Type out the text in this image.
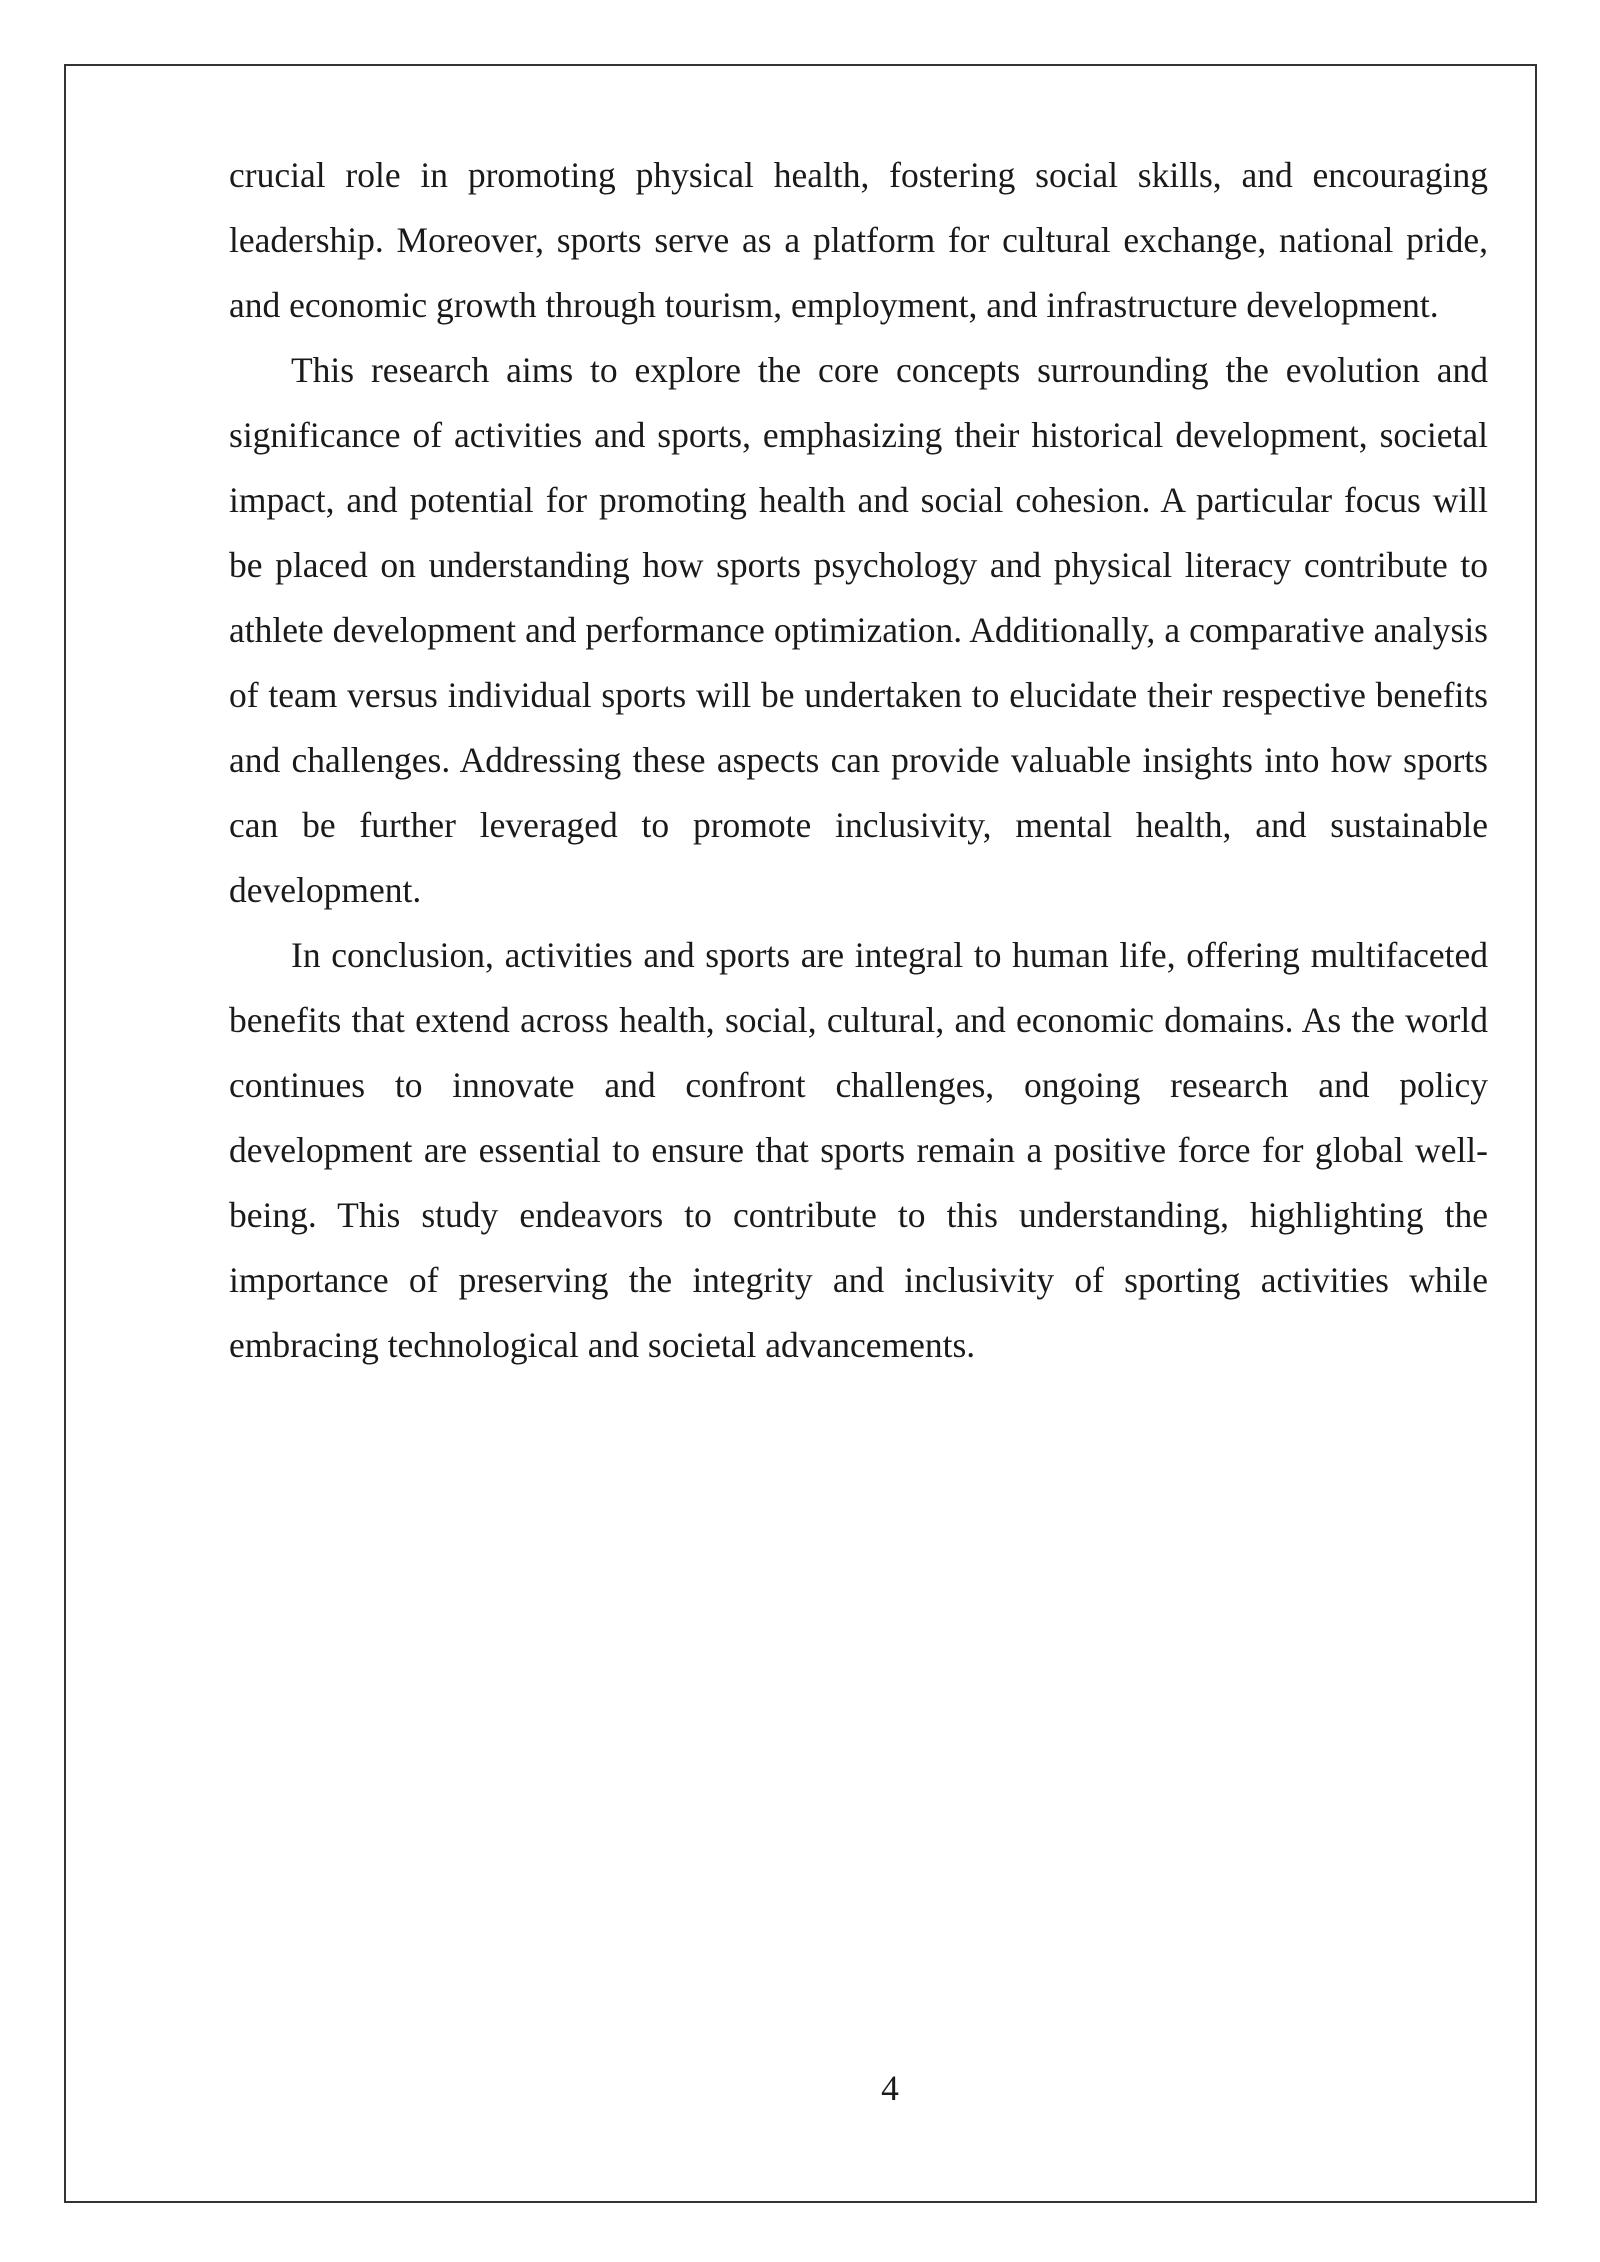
crucial role in promoting physical health, fostering social skills, and encouraging leadership. Moreover, sports serve as a platform for cultural exchange, national pride, and economic growth through tourism, employment, and infrastructure development.

This research aims to explore the core concepts surrounding the evolution and significance of activities and sports, emphasizing their historical development, societal impact, and potential for promoting health and social cohesion. A particular focus will be placed on understanding how sports psychology and physical literacy contribute to athlete development and performance optimization. Additionally, a comparative analysis of team versus individual sports will be undertaken to elucidate their respective benefits and challenges. Addressing these aspects can provide valuable insights into how sports can be further leveraged to promote inclusivity, mental health, and sustainable development.

In conclusion, activities and sports are integral to human life, offering multifaceted benefits that extend across health, social, cultural, and economic domains. As the world continues to innovate and confront challenges, ongoing research and policy development are essential to ensure that sports remain a positive force for global well-being. This study endeavors to contribute to this understanding, highlighting the importance of preserving the integrity and inclusivity of sporting activities while embracing technological and societal advancements.

4
